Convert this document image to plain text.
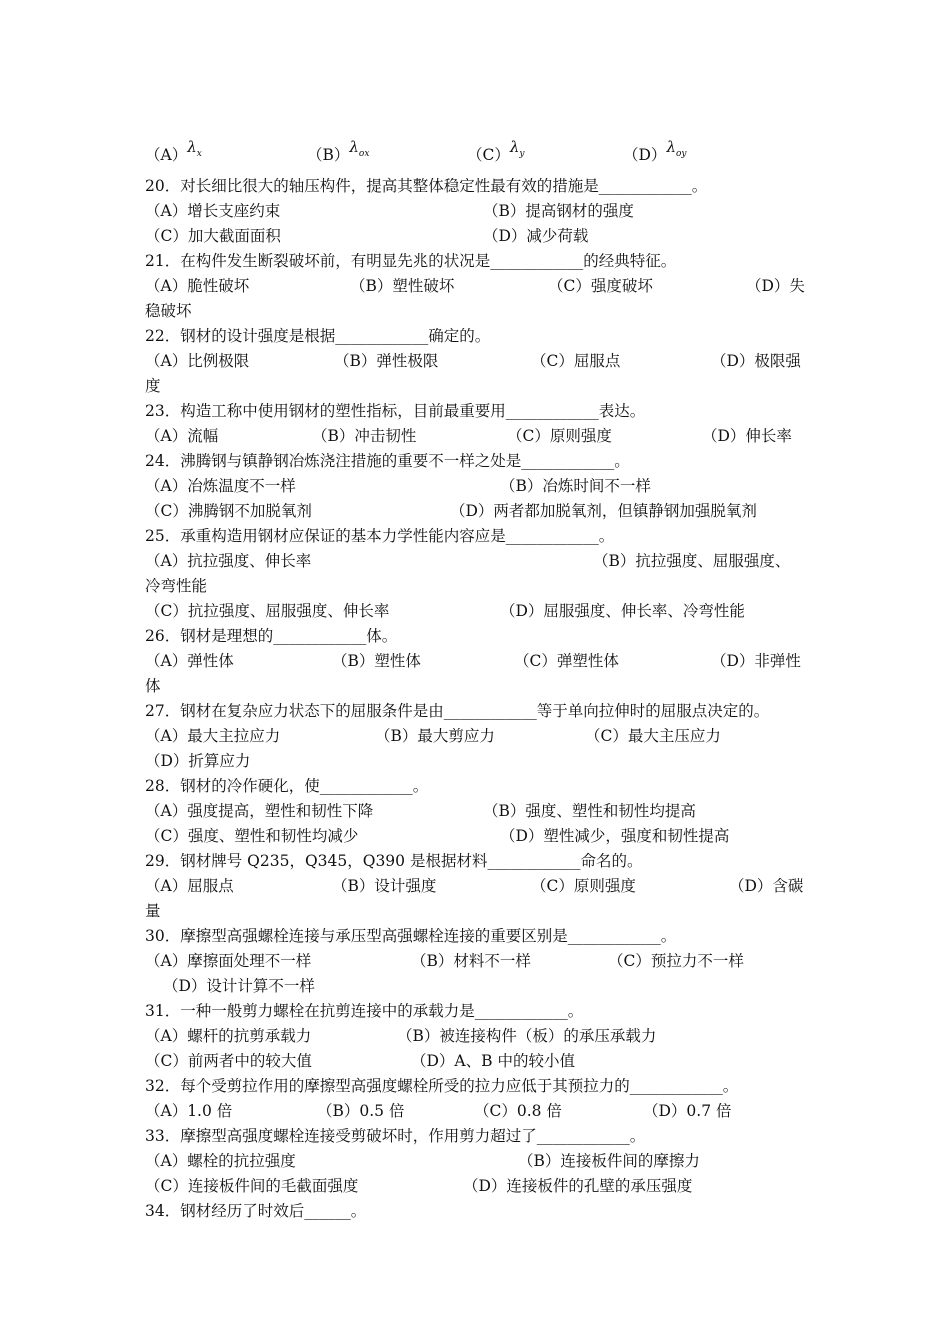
$(A)\lambda_x$	$(B)\lambda_{ox}$	$(C)\lambda_y$	$(D)\lambda_{oy}$
20．对长细比很大的轴压构件，提高其整体稳定性最有效的措施是____________。
（A）增长支座约束	（B）提高钢材的强度
（C）加大截面面积	（D）减少荷载
21．在构件发生断裂破坏前，有明显先兆的状况是____________的经典特征。
（A）脆性破坏	（B）塑性破坏	（C）强度破坏	（D）失
稳破坏
22．钢材的设计强度是根据____________确定的。
（A）比例极限	（B）弹性极限	（C）屈服点	（D）极限强
度
23．构造工称中使用钢材的塑性指标，目前最重要用____________表达。
（A）流幅	（B）冲击韧性	（C）原则强度	（D）伸长率
24．沸腾钢与镇静钢冶炼浇注措施的重要不一样之处是____________。
（A）冶炼温度不一样	（B）冶炼时间不一样
（C）沸腾钢不加脱氧剂	（D）两者都加脱氧剂，但镇静钢加强脱氧剂
25．承重构造用钢材应保证的基本力学性能内容应是____________。
（A）抗拉强度、伸长率	（B）抗拉强度、屈服强度、
冷弯性能
（C）抗拉强度、屈服强度、伸长率	（D）屈服强度、伸长率、冷弯性能
26．钢材是理想的____________体。
（A）弹性体	（B）塑性体	（C）弹塑性体	（D）非弹性
体
27．钢材在复杂应力状态下的屈服条件是由____________等于单向拉伸时的屈服点决定的。
（A）最大主拉应力	（B）最大剪应力	（C）最大主压应力
（D）折算应力
28．钢材的冷作硬化，使____________。
（A）强度提高，塑性和韧性下降	（B）强度、塑性和韧性均提高
（C）强度、塑性和韧性均减少	（D）塑性减少，强度和韧性提高
29．钢材牌号 Q235，Q345，Q390 是根据材料____________命名的。
（A）屈服点	（B）设计强度	（C）原则强度	（D）含碳
量
30．摩擦型高强螺栓连接与承压型高强螺栓连接的重要区别是____________。
（A）摩擦面处理不一样	（B）材料不一样	（C）预拉力不一样
（D）设计计算不一样
31．一种一般剪力螺栓在抗剪连接中的承载力是____________。
（A）螺杆的抗剪承载力	（B）被连接构件（板）的承压承载力
（C）前两者中的较大值	（D）A、B 中的较小值
32．每个受剪拉作用的摩擦型高强度螺栓所受的拉力应低于其预拉力的____________。
（A）1.0 倍	（B）0.5 倍	（C）0.8 倍	（D）0.7 倍
33．摩擦型高强度螺栓连接受剪破坏时，作用剪力超过了____________。
（A）螺栓的抗拉强度	（B）连接板件间的摩擦力
（C）连接板件间的毛截面强度	（D）连接板件的孔壁的承压强度
34．钢材经历了时效后______。
